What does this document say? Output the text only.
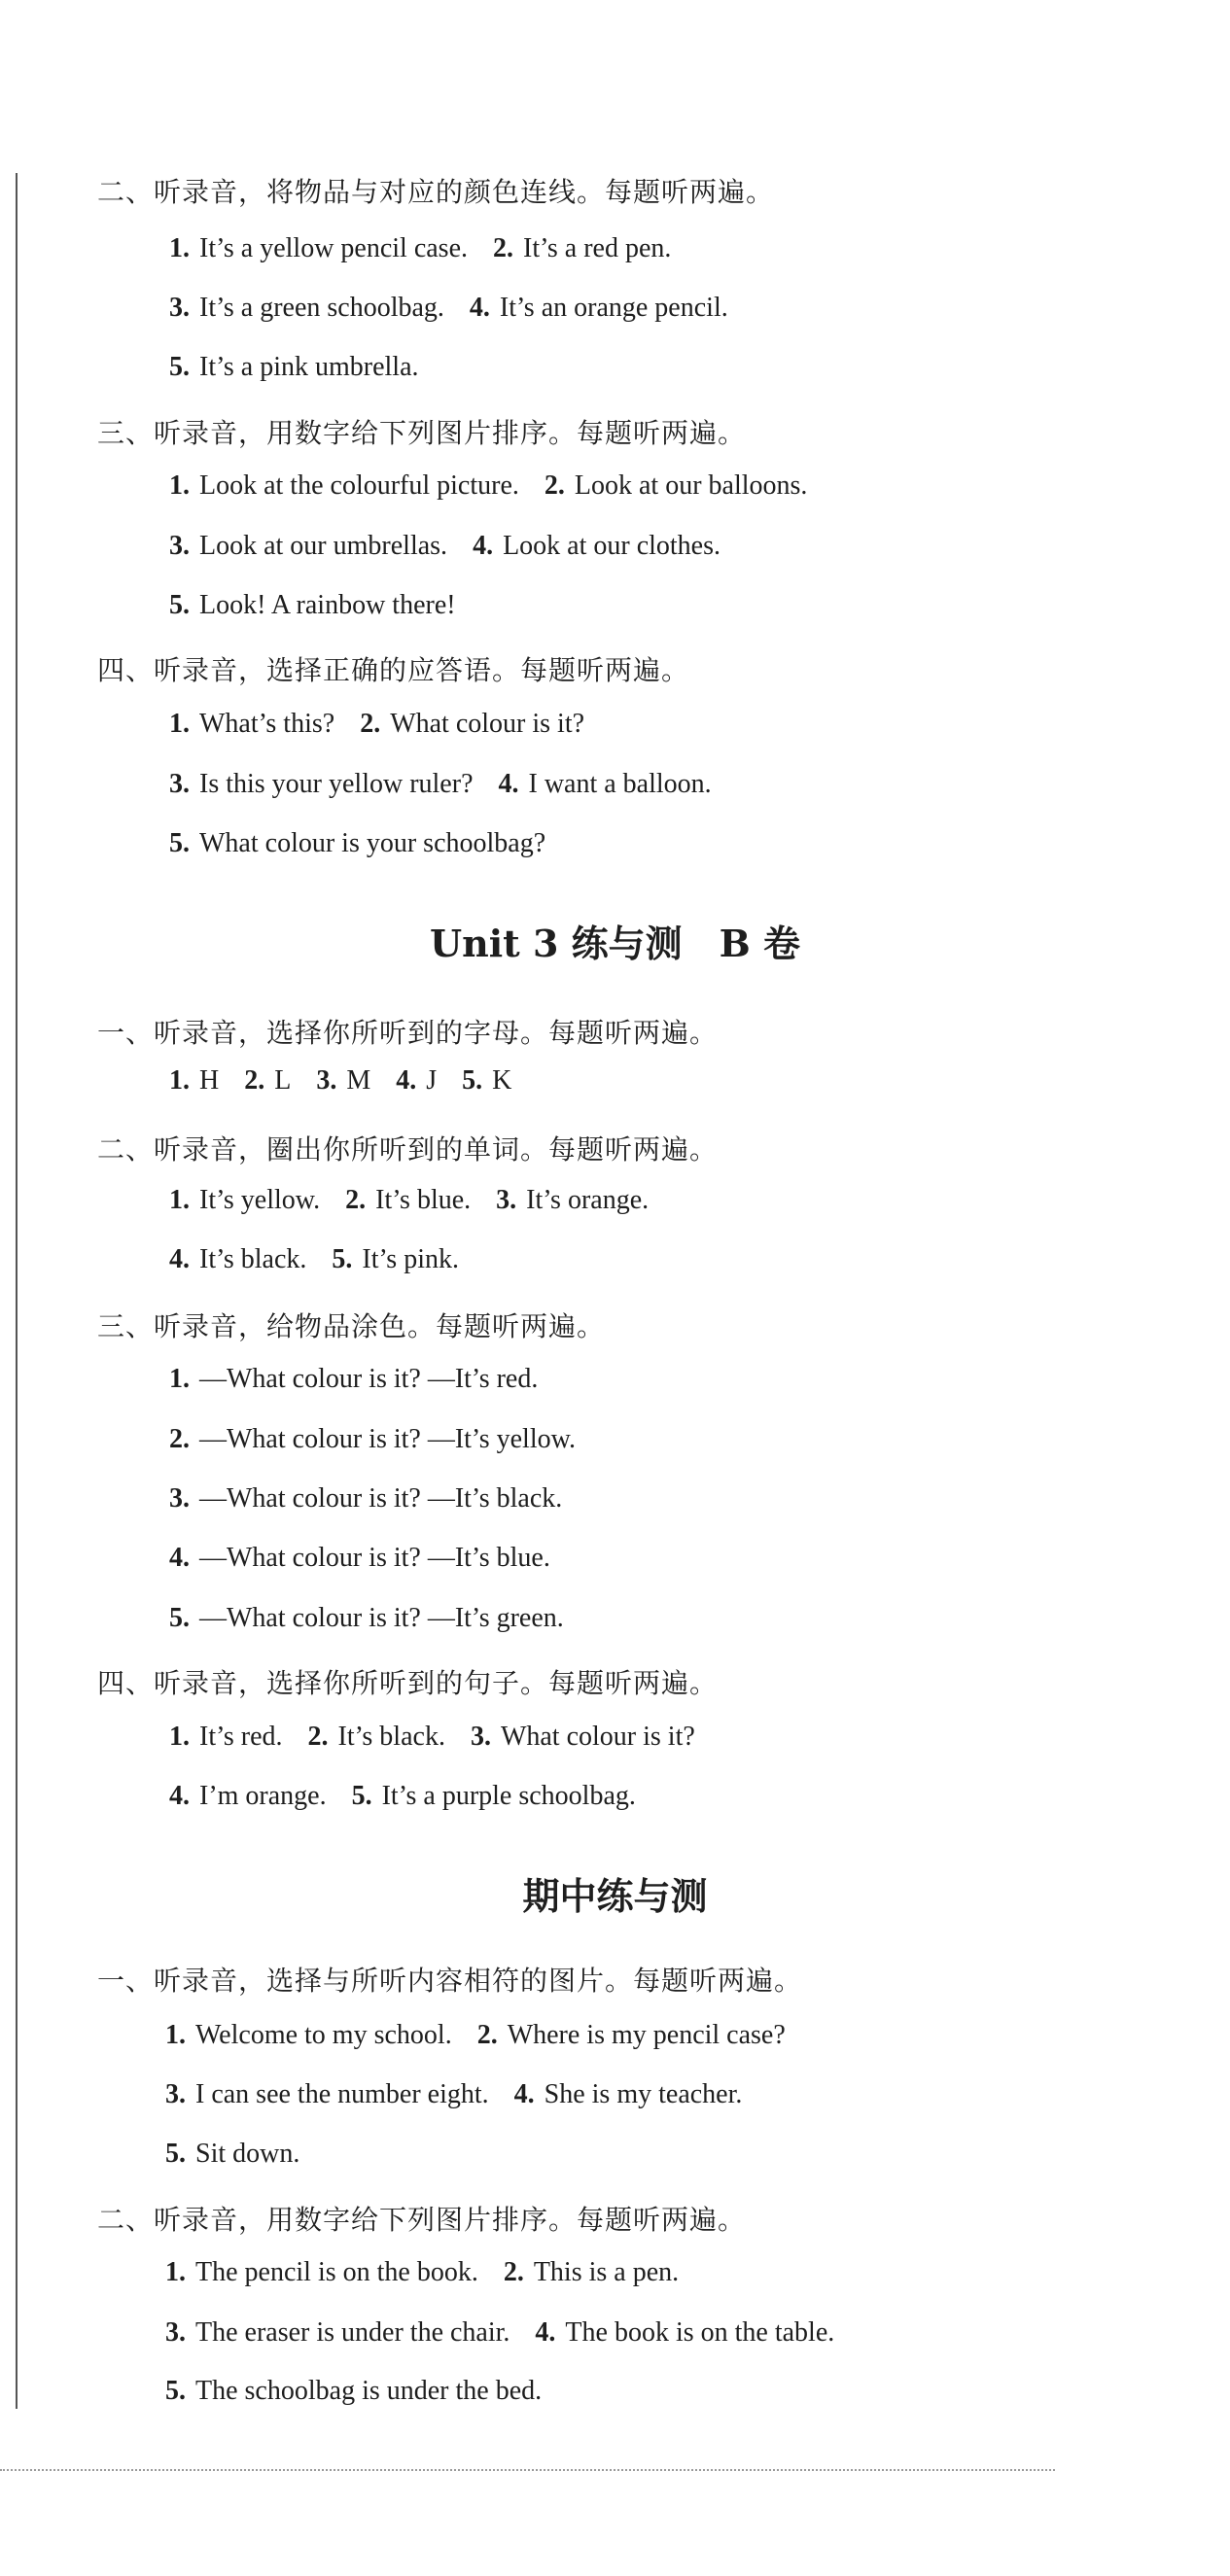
二、听录音，将物品与对应的颜色连线。每题听两遍。
1. It’s a yellow pencil case. 2. It’s a red pen.
3. It’s a green schoolbag. 4. It’s an orange pencil.
5. It’s a pink umbrella.
三、听录音，用数字给下列图片排序。每题听两遍。
1. Look at the colourful picture. 2. Look at our balloons.
3. Look at our umbrellas. 4. Look at our clothes.
5. Look! A rainbow there!
四、听录音，选择正确的应答语。每题听两遍。
1. What’s this? 2. What colour is it?
3. Is this your yellow ruler? 4. I want a balloon.
5. What colour is your schoolbag?
Unit 3 练与测　B 卷
一、听录音，选择你所听到的字母。每题听两遍。
1. H 2. L 3. M 4. J 5. K
二、听录音，圈出你所听到的单词。每题听两遍。
1. It’s yellow. 2. It’s blue. 3. It’s orange.
4. It’s black. 5. It’s pink.
三、听录音，给物品涂色。每题听两遍。
1. —What colour is it? —It’s red.
2. —What colour is it? —It’s yellow.
3. —What colour is it? —It’s black.
4. —What colour is it? —It’s blue.
5. —What colour is it? —It’s green.
四、听录音，选择你所听到的句子。每题听两遍。
1. It’s red. 2. It’s black. 3. What colour is it?
4. I’m orange. 5. It’s a purple schoolbag.
期中练与测
一、听录音，选择与所听内容相符的图片。每题听两遍。
1. Welcome to my school. 2. Where is my pencil case?
3. I can see the number eight. 4. She is my teacher.
5. Sit down.
二、听录音，用数字给下列图片排序。每题听两遍。
1. The pencil is on the book. 2. This is a pen.
3. The eraser is under the chair. 4. The book is on the table.
5. The schoolbag is under the bed.
